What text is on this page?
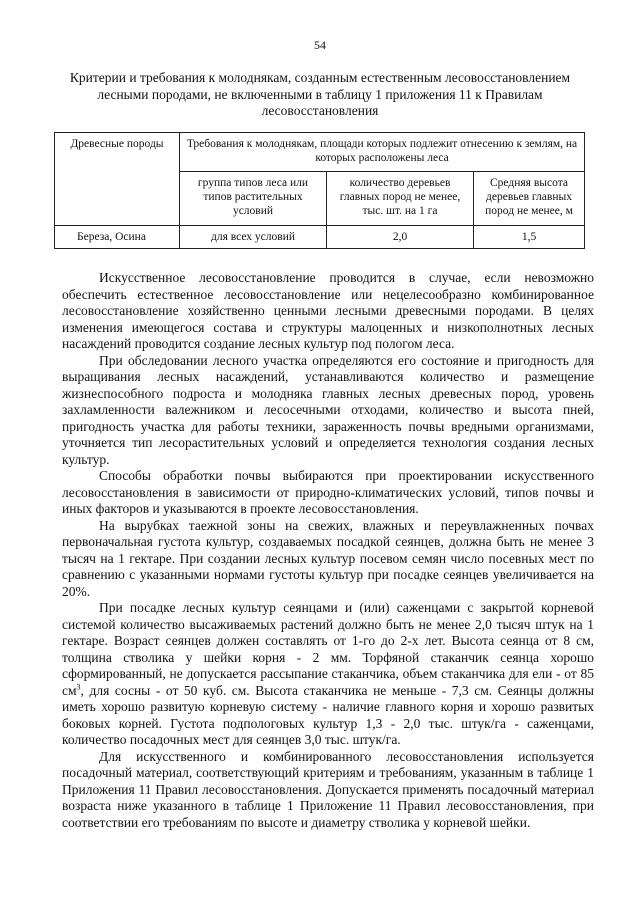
54
Критерии и требования к молоднякам, созданным естественным лесовосстановлением лесными породами, не включенными в таблицу 1 приложения 11 к Правилам лесовосстановления
Древесные породы	Требования к молоднякам, площади которых подлежит отнесению к землям, на которых расположены леса		
	группа типов леса или типов растительных условий	количество деревьев главных пород не менее, тыс. шт. на 1 га	Средняя высота деревьев главных пород не менее, м
Береза, Осина	для всех условий	2,0	1,5

Искусственное лесовосстановление проводится в случае, если невозможно обеспечить естественное лесовосстановление или нецелесообразно комбинированное лесовосстановление хозяйственно ценными лесными древесными породами. В целях изменения имеющегося состава и структуры малоценных и низкополнотных лесных насаждений проводится создание лесных культур под пологом леса.

При обследовании лесного участка определяются его состояние и пригодность для выращивания лесных насаждений, устанавливаются количество и размещение жизнеспособного подроста и молодняка главных лесных древесных пород, уровень захламленности валежником и лесосечными отходами, количество и высота пней, пригодность участка для работы техники, зараженность почвы вредными организмами, уточняется тип лесорастительных условий и определяется технология создания лесных культур.

Способы обработки почвы выбираются при проектировании искусственного лесовосстановления в зависимости от природно-климатических условий, типов почвы и иных факторов и указываются в проекте лесовосстановления.

На вырубках таежной зоны на свежих, влажных и переувлажненных почвах первоначальная густота культур, создаваемых посадкой сеянцев, должна быть не менее 3 тысяч на 1 гектаре. При создании лесных культур посевом семян число посевных мест по сравнению с указанными нормами густоты культур при посадке сеянцев увеличивается на 20%.

При посадке лесных культур сеянцами и (или) саженцами с закрытой корневой системой количество высаживаемых растений должно быть не менее 2,0 тысяч штук на 1 гектаре. Возраст сеянцев должен составлять от 1-го до 2-х лет. Высота сеянца от 8 см, толщина стволика у шейки корня - 2 мм. Торфяной стаканчик сеянца хорошо сформированный, не допускается рассыпание стаканчика, объем стаканчика для ели - от 85 $см^3$, для сосны - от 50 куб. см. Высота стаканчика не меньше - 7,3 см. Сеянцы должны иметь хорошо развитую корневую систему - наличие главного корня и хорошо развитых боковых корней. Густота подпологовых культур 1,3 - 2,0 тыс. штук/га - саженцами, количество посадочных мест для сеянцев 3,0 тыс. штук/га.

Для искусственного и комбинированного лесовосстановления используется посадочный материал, соответствующий критериям и требованиям, указанным в таблице 1 Приложения 11 Правил лесовосстановления. Допускается применять посадочный материал возраста ниже указанного в таблице 1 Приложение 11 Правил лесовосстановления, при соответствии его требованиям по высоте и диаметру стволика у корневой шейки.
